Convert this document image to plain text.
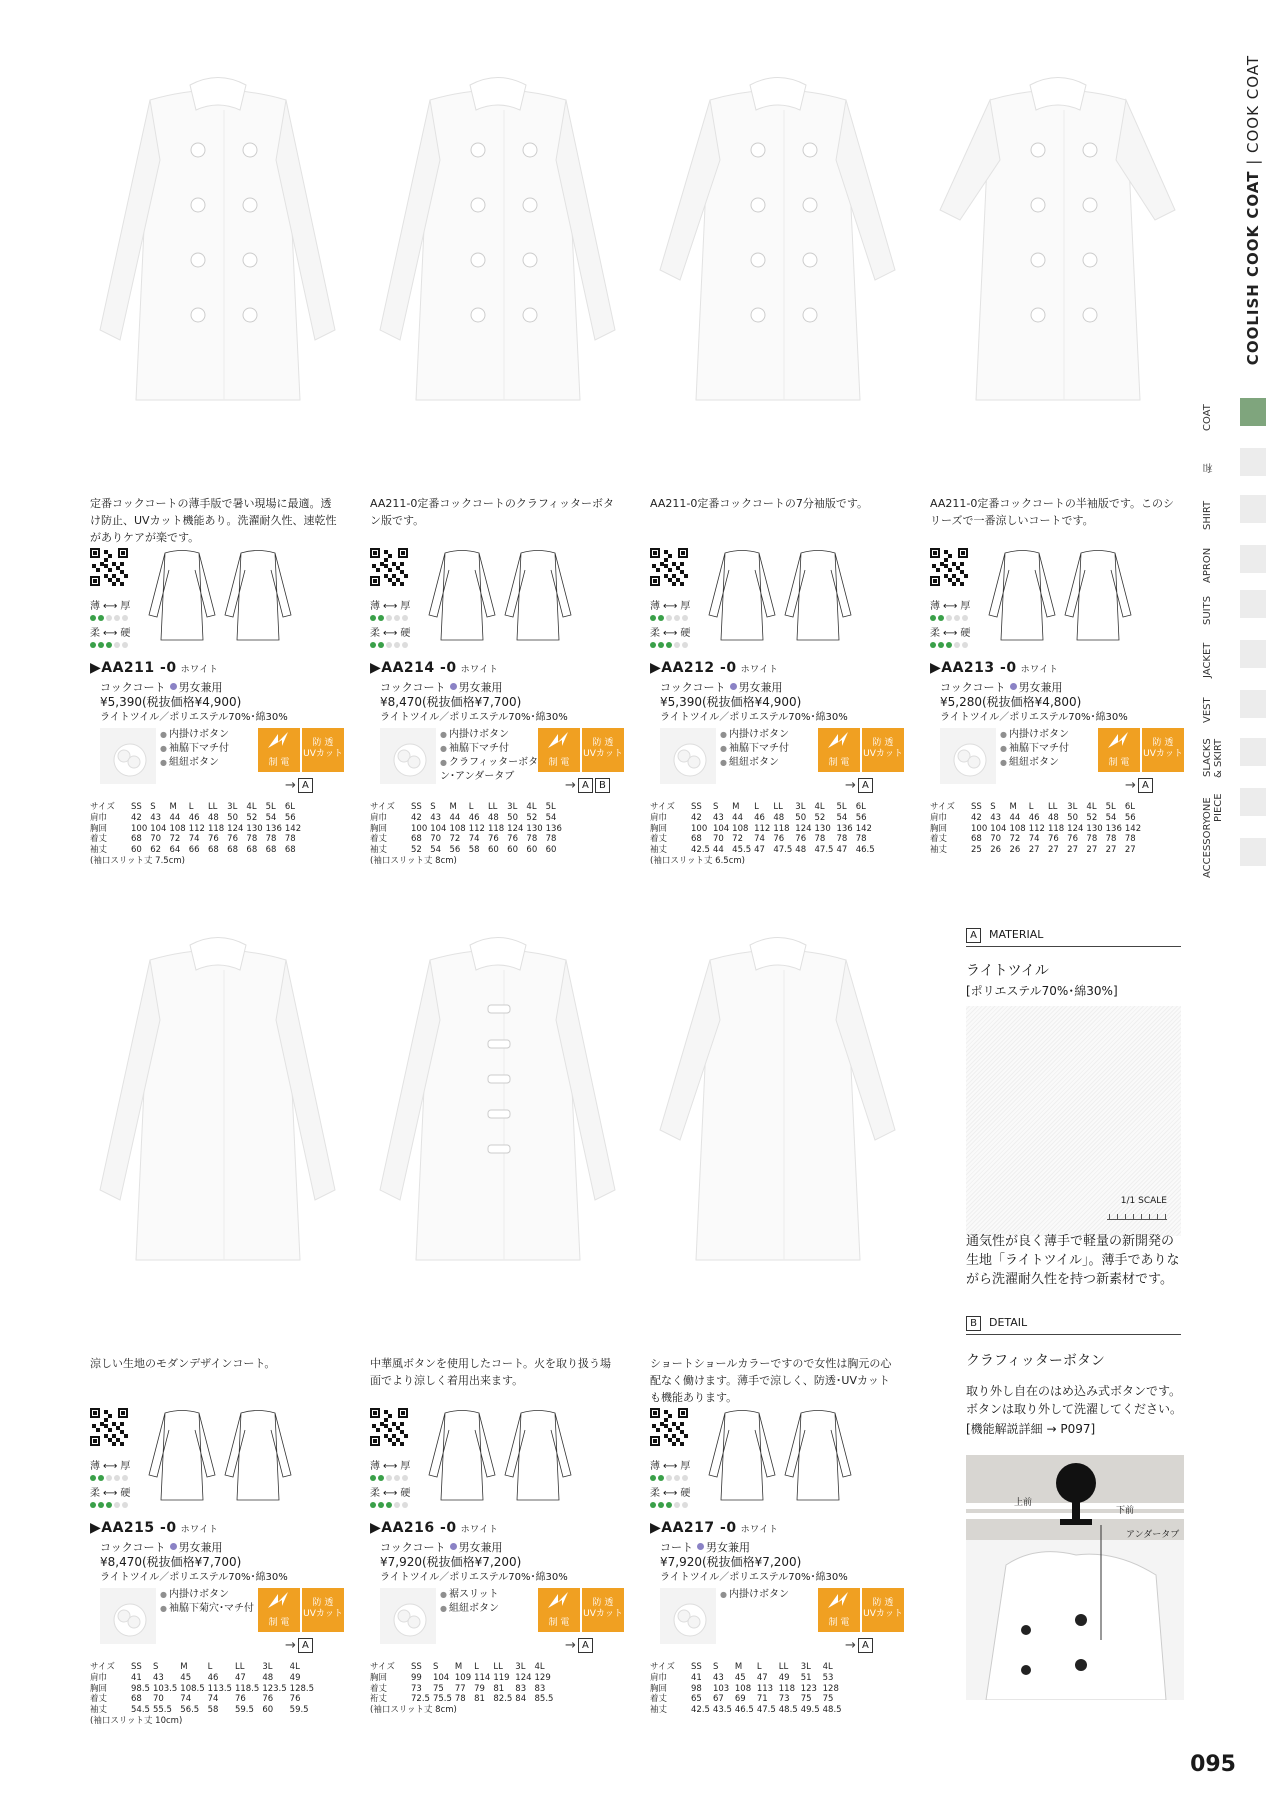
COOLISH COOK COAT | COOK COAT
COAT
和
SHIRT
APRON
SUITS
JACKET
VEST
SLACKS & SKIRT
ONE PIECE
ACCESSORY
定番コックコートの薄手版で暑い現場に最適。透け防止、UVカット機能あり。洗濯耐久性、速乾性がありケアが楽です。
薄 ⟷ 厚
柔 ⟷ 硬
▶AA211 -0 ホワイト
コックコート 男女兼用
¥5,390(税抜価格¥4,900)
ライトツイル／ポリエステル70%･綿30%
● 内掛けボタン
● 袖脇下マチ付
● 組紐ボタン	制 電
防 透
UVカット
→ A
サイズ	SS	S	M	L	LL	3L	4L	5L	6L
肩巾	42	43	44	46	48	50	52	54	56
胸回	100	104	108	112	118	124	130	136	142
着丈	68	70	72	74	76	76	78	78	78
袖丈	60	62	64	66	68	68	68	68	68
(袖口スリット丈 7.5cm)
AA211-0定番コックコートのクラフィッターボタン版です。
薄 ⟷ 厚
柔 ⟷ 硬
▶AA214 -0 ホワイト
コックコート 男女兼用
¥8,470(税抜価格¥7,700)
ライトツイル／ポリエステル70%･綿30%
● 内掛けボタン
● 袖脇下マチ付
● クラフィッターボタン･アンダータブ
制 電
防 透
UVカット
→ A	B
サイズ	SS	S	M	L	LL	3L	4L	5L
肩巾	42	43	44	46	48	50	52	54
胸回	100	104	108	112	118	124	130	136
着丈	68	70	72	74	76	76	78	78
袖丈	52	54	56	58	60	60	60	60
(袖口スリット丈 8cm)
AA211-0定番コックコートの7分袖版です。
薄 ⟷ 厚
柔 ⟷ 硬
▶AA212 -0 ホワイト
コックコート 男女兼用
¥5,390(税抜価格¥4,900)
ライトツイル／ポリエステル70%･綿30%
● 内掛けボタン
● 袖脇下マチ付
● 組紐ボタン	制 電
防 透
UVカット
→ A
サイズ	SS	S	M	L	LL	3L	4L	5L	6L
肩巾	42	43	44	46	48	50	52	54	56
胸回	100	104	108	112	118	124	130	136	142
着丈	68	70	72	74	76	76	78	78	78
袖丈	42.5	44	45.5	47	47.5	48	47.5	47	46.5
(袖口スリット丈 6.5cm)
AA211-0定番コックコートの半袖版です。このシリーズで一番涼しいコートです。
薄 ⟷ 厚
柔 ⟷ 硬
▶AA213 -0 ホワイト
コックコート 男女兼用
¥5,280(税抜価格¥4,800)
ライトツイル／ポリエステル70%･綿30%
● 内掛けボタン
● 袖脇下マチ付
● 組紐ボタン	制 電
防 透
UVカット
→ A
サイズ	SS	S	M	L	LL	3L	4L	5L	6L
肩巾	42	43	44	46	48	50	52	54	56
胸回	100	104	108	112	118	124	130	136	142
着丈	68	70	72	74	76	76	78	78	78
袖丈	25	26	26	27	27	27	27	27	27
涼しい生地のモダンデザインコート。
薄 ⟷ 厚
柔 ⟷ 硬
▶AA215 -0 ホワイト
コックコート 男女兼用
¥8,470(税抜価格¥7,700)
ライトツイル／ポリエステル70%･綿30%
● 内掛けボタン
● 袖脇下菊穴･マチ付
制 電
防 透
UVカット
→ A
サイズ	SS	S	M	L	LL	3L	4L
肩巾	41	43	45	46	47	48	49
胸回	98.5	103.5	108.5	113.5	118.5	123.5	128.5
着丈	68	70	74	74	76	76	76
袖丈	54.5	55.5	56.5	58	59.5	60	59.5
(袖口スリット丈 10cm)
中華風ボタンを使用したコート。火を取り扱う場面でより涼しく着用出来ます。
薄 ⟷ 厚
柔 ⟷ 硬
▶AA216 -0 ホワイト
コックコート 男女兼用
¥7,920(税抜価格¥7,200)
ライトツイル／ポリエステル70%･綿30%
● 裾スリット
● 組紐ボタン
制 電
防 透
UVカット
→ A
サイズ	SS	S	M	L	LL	3L	4L
胸回	99	104	109	114	119	124	129
着丈	73	75	77	79	81	83	83
裄丈	72.5	75.5	78	81	82.5	84	85.5
(袖口スリット丈 8cm)
ショートショールカラーですので女性は胸元の心配なく働けます。薄手で涼しく、防透･UVカットも機能あります。
薄 ⟷ 厚
柔 ⟷ 硬
▶AA217 -0 ホワイト
コート 男女兼用
¥7,920(税抜価格¥7,200)
ライトツイル／ポリエステル70%･綿30%
● 内掛けボタン
制 電
防 透
UVカット
→ A
サイズ	SS	S	M	L	LL	3L	4L
肩巾	41	43	45	47	49	51	53
胸回	98	103	108	113	118	123	128
着丈	65	67	69	71	73	75	75
袖丈	42.5	43.5	46.5	47.5	48.5	49.5	48.5
A MATERIAL
ライトツイル
[ポリエステル70%･綿30%]
1/1 SCALE
通気性が良く薄手で軽量の新開発の生地「ライトツイル」。薄手でありながら洗濯耐久性を持つ新素材です。
B DETAIL
クラフィッターボタン
取り外し自在のはめ込み式ボタンです。ボタンは取り外して洗濯してください。
[機能解説詳細 → P097]
上前
下前
アンダータブ
095
